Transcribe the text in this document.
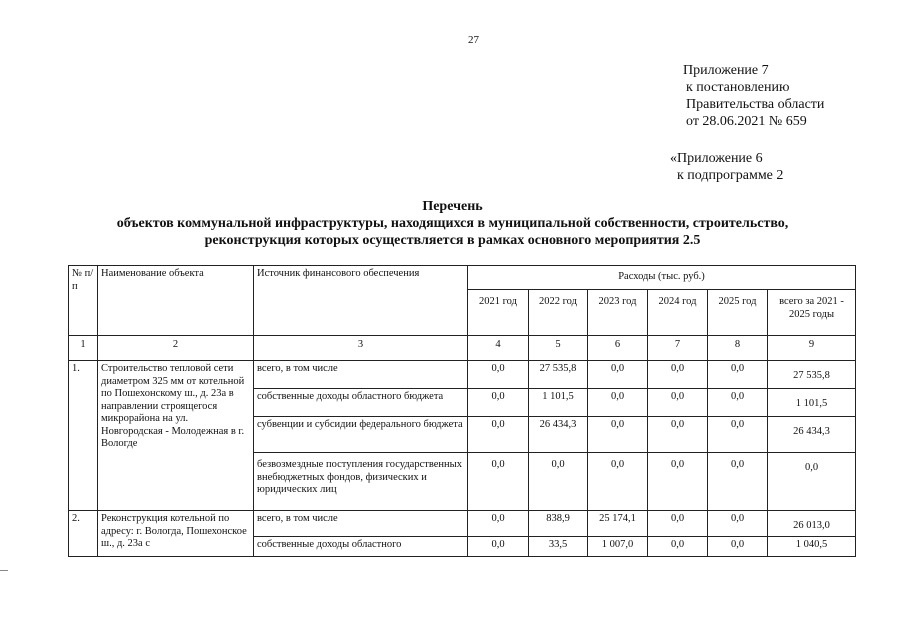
27
Приложение 7
к постановлению
Правительства области
от 28.06.2021 № 659
«Приложение 6
к подпрограмме 2
Перечень
объектов коммунальной инфраструктуры, находящихся в муниципальной собственности, строительство,
реконструкция которых осуществляется в рамках основного мероприятия 2.5
№ п/п	Наименование объекта	Источник финансового обеспечения	Расходы (тыс. руб.)					
			2021 год	2022 год	2023 год	2024 год	2025 год	всего за 2021 - 2025 годы
1	2	3	4	5	6	7	8	9
1.	Строительство тепловой сети диаметром 325 мм от котельной по Пошехонскому ш., д. 23а в направлении строящегося микрорайона на ул. Новгородская - Молодежная в г. Вологде	всего, в том числе	0,0	27 535,8	0,0	0,0	0,0	27 535,8
		собственные доходы областного бюджета	0,0	1 101,5	0,0	0,0	0,0	1 101,5
		субвенции и субсидии федерального бюджета	0,0	26 434,3	0,0	0,0	0,0	26 434,3
		безвозмездные поступления государственных внебюджетных фондов, физических и юридических лиц	0,0	0,0	0,0	0,0	0,0	0,0
2.	Реконструкция котельной по адресу: г. Вологда, Пошехонское ш., д. 23а с	всего, в том числе	0,0	838,9	25 174,1	0,0	0,0	26 013,0
		собственные доходы областного	0,0	33,5	1 007,0	0,0	0,0	1 040,5
